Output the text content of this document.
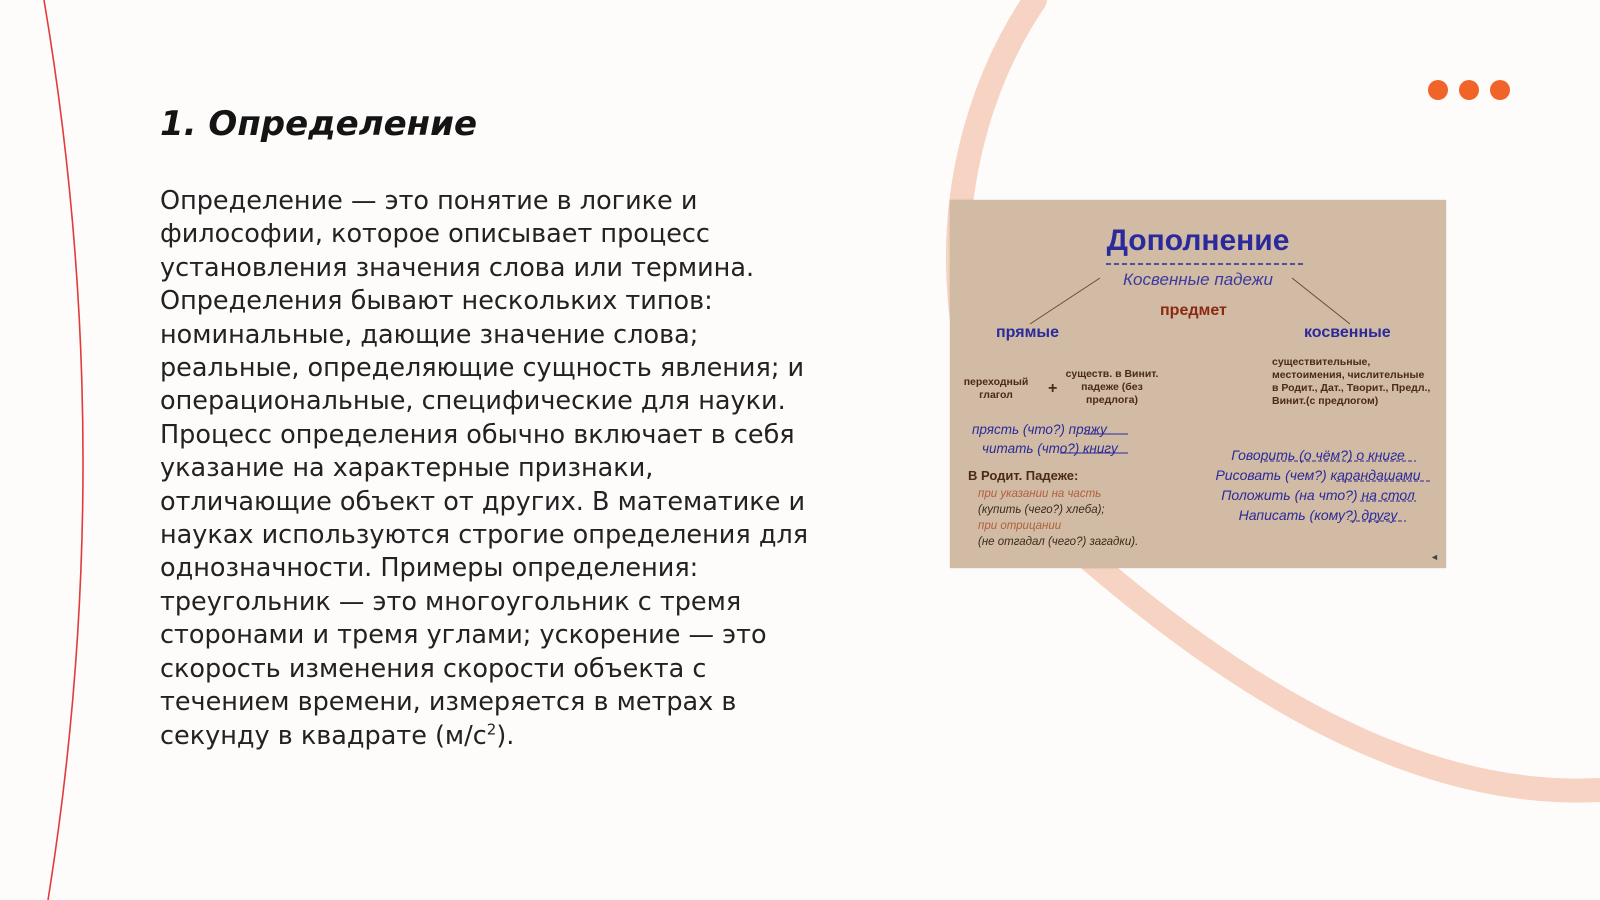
1. Определение

Определение — это понятие в логике и философии, которое описывает процесс установления значения слова или термина. Определения бывают нескольких типов: номинальные, дающие значение слова; реальные, определяющие сущность явления; и операциональные, специфические для науки. Процесс определения обычно включает в себя указание на характерные признаки, отличающие объект от других. В математике и науках используются строгие определения для однозначности. Примеры определения: треугольник — это многоугольник с тремя сторонами и тремя углами; ускорение — это скорость изменения скорости объекта с течением времени, измеряется в метрах в секунду в квадрате $(м/с^2)$.

Дополнение
Косвенные падежи
предмет
прямые	косвенные
переходный глагол	+
существ. в Винит. падеже (без предлога)
существительные, местоимения, числительные в Родит., Дат., Творит., Предл., Винит.(с предлогом)
прясть (что?) пряжу
читать (что?) книгу
В Родит. Падеже:
при указании на часть
(купить (чего?) хлеба);
при отрицании
(не отгадал (чего?) загадки).
Говорить (о чём?) о книге
Рисовать (чем?) карандашами
Положить (на что?) на стол
Написать (кому?) другу
◄
